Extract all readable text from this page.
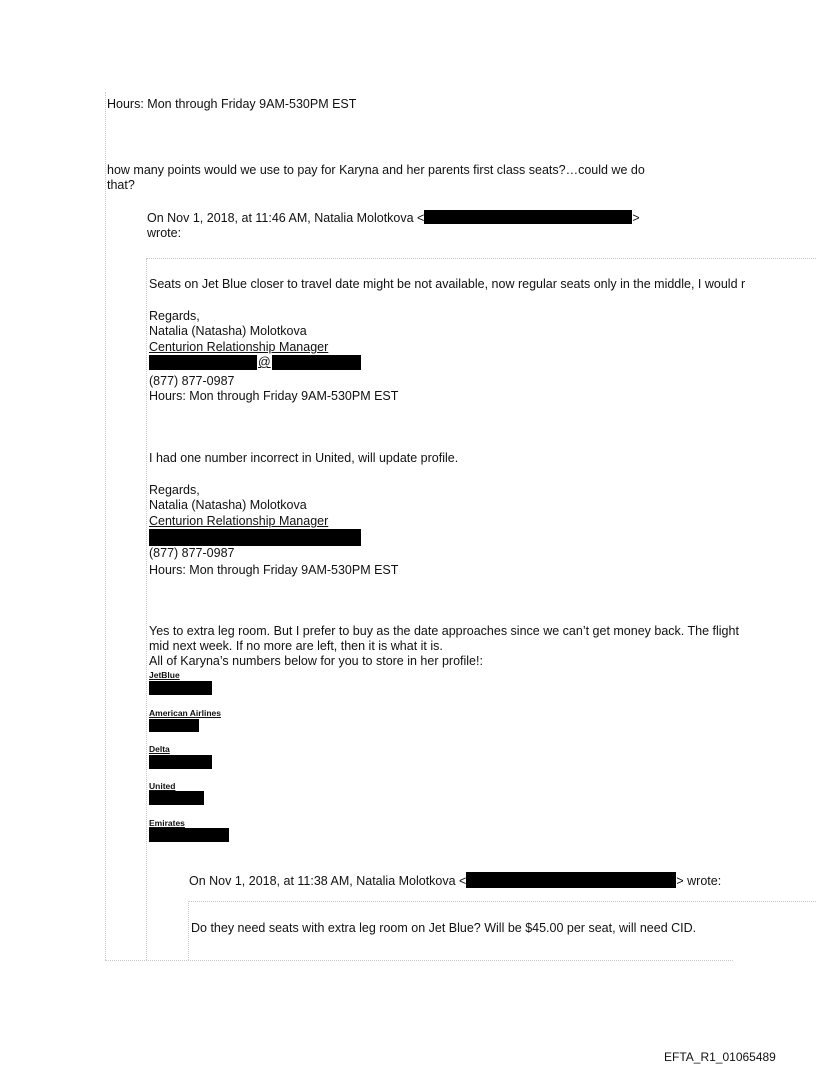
Hours: Mon through Friday 9AM-530PM EST
how many points would we use to pay for Karyna and her parents first class seats?…could we do
that?
On Nov 1, 2018, at 11:46 AM, Natalia Molotkova <	>
wrote:
Seats on Jet Blue closer to travel date might be not available, now regular seats only in the middle, I would r
Regards,
Natalia (Natasha) Molotkova
Centurion Relationship Manager
@
(877) 877-0987
Hours: Mon through Friday 9AM-530PM EST
I had one number incorrect in United, will update profile.
Regards,
Natalia (Natasha) Molotkova
Centurion Relationship Manager
(877) 877-0987
Hours: Mon through Friday 9AM-530PM EST
Yes to extra leg room. But I prefer to buy as the date approaches since we can’t get money back. The flight
mid next week. If no more are left, then it is what it is.
All of Karyna’s numbers below for you to store in her profile!:
JetBlue
American Airlines
Delta
United
Emirates
On Nov 1, 2018, at 11:38 AM, Natalia Molotkova <	> wrote:
Do they need seats with extra leg room on Jet Blue? Will be $45.00 per seat, will need CID.
EFTA_R1_01065489
